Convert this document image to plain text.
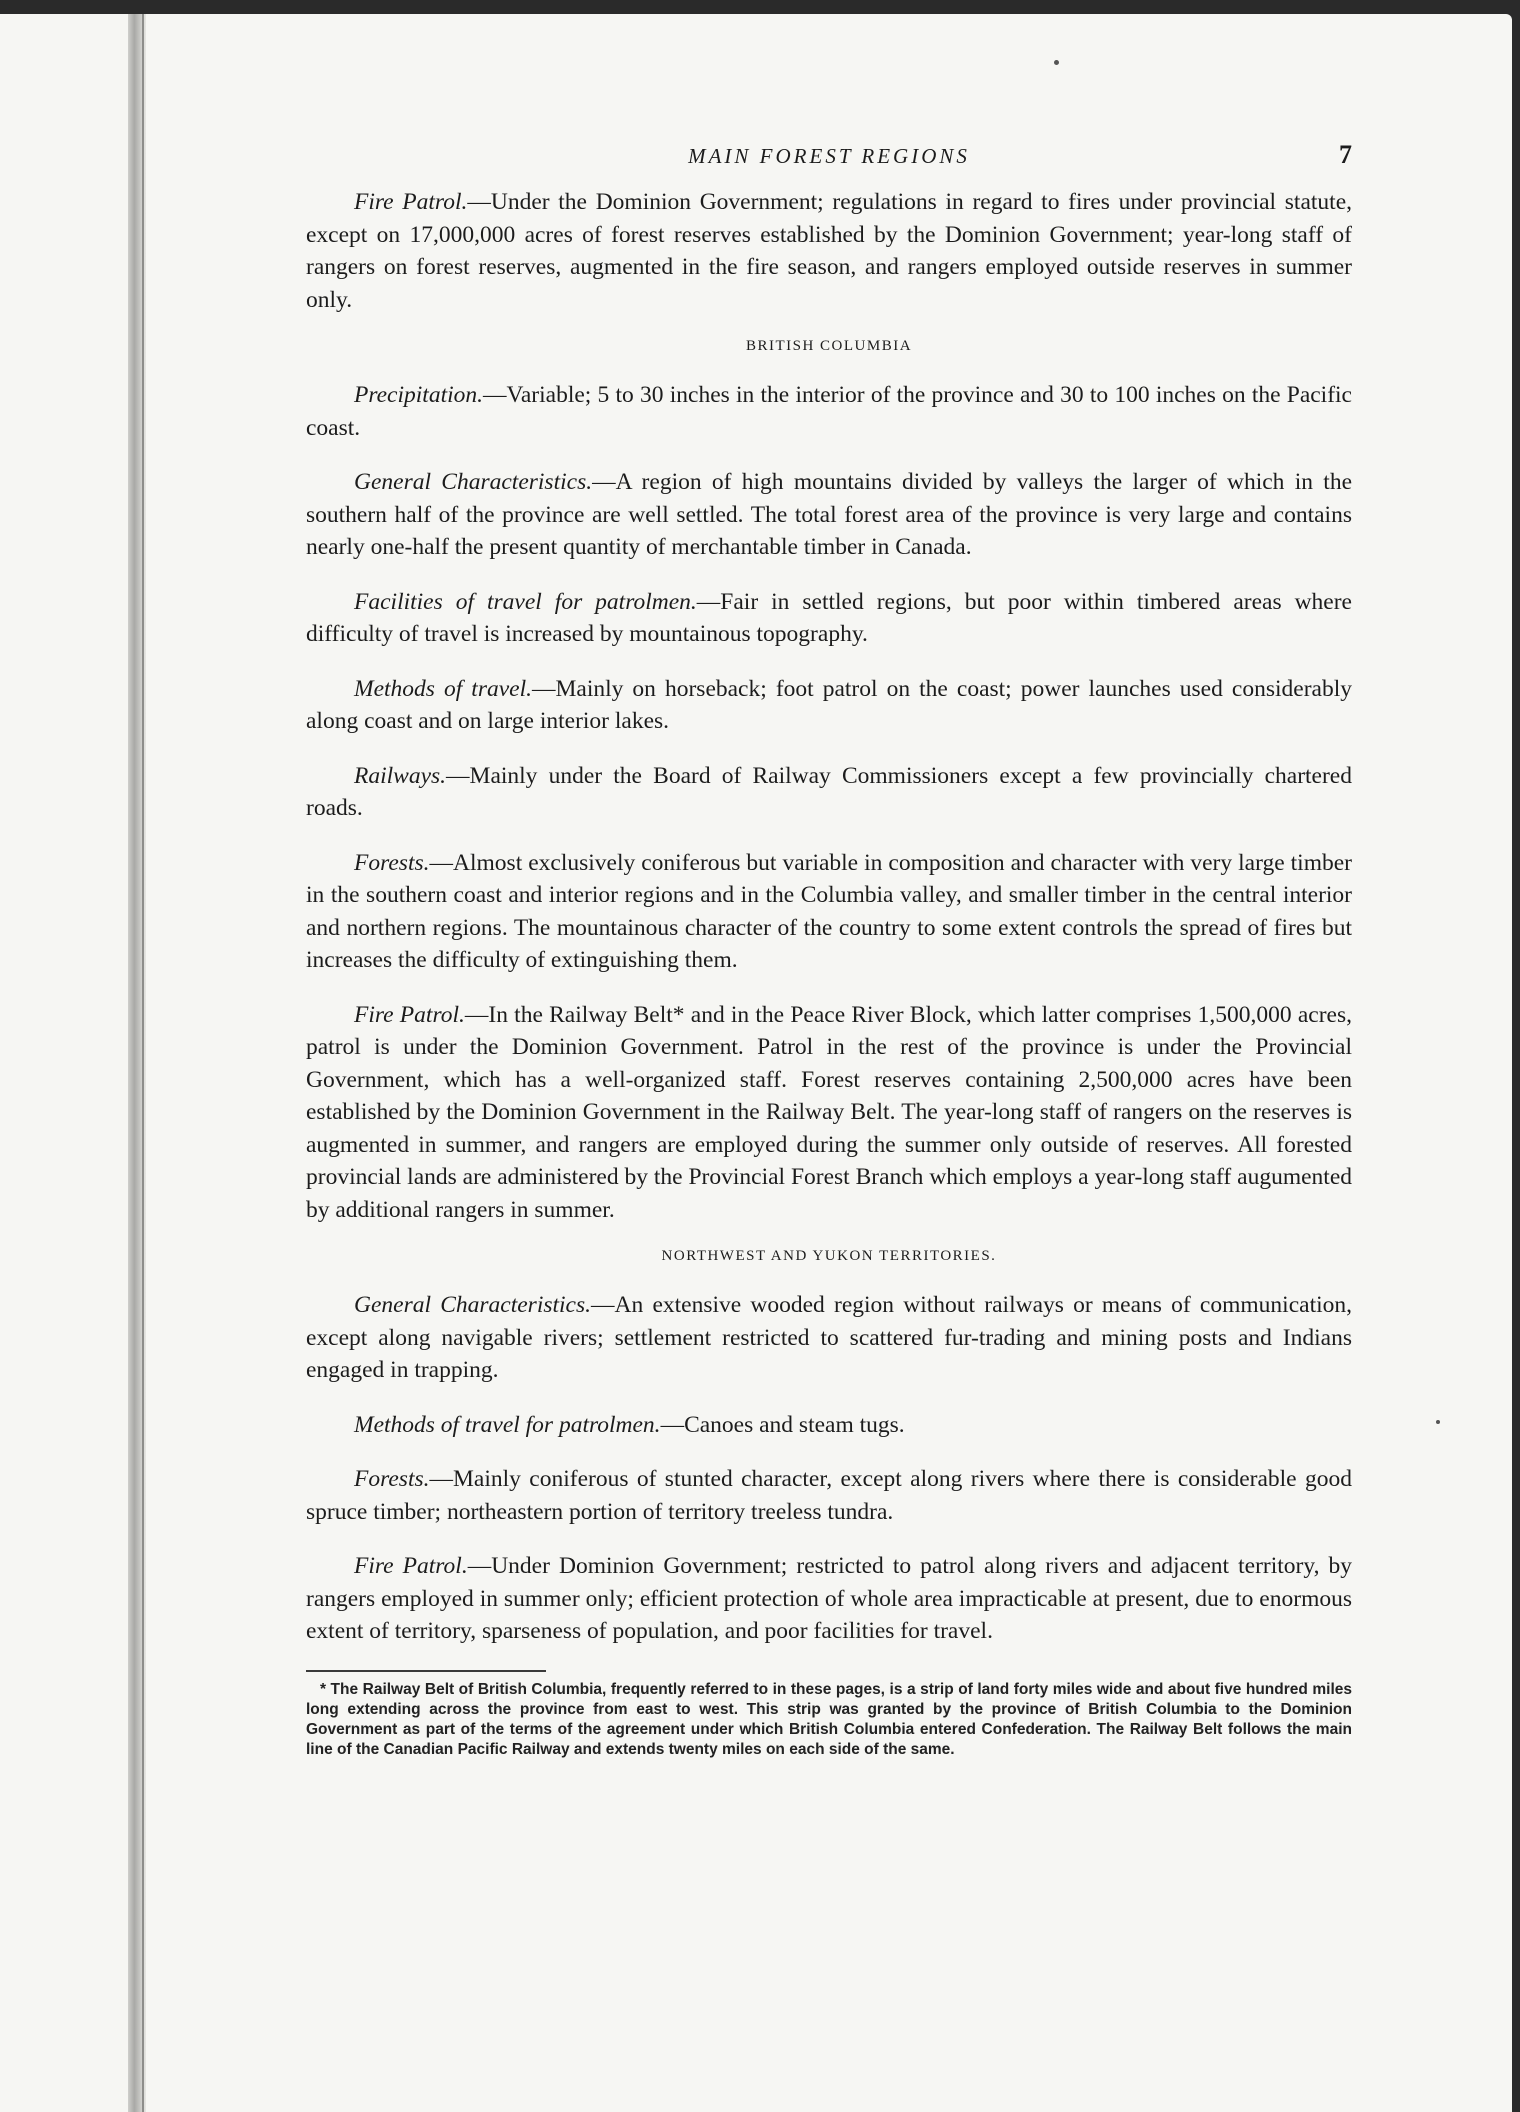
MAIN FOREST REGIONS	7

Fire Patrol.—Under the Dominion Government; regulations in regard to fires under provincial statute, except on 17,000,000 acres of forest reserves established by the Dominion Government; year-long staff of rangers on forest reserves, augmented in the fire season, and rangers employed outside reserves in summer only.

BRITISH COLUMBIA

Precipitation.—Variable; 5 to 30 inches in the interior of the province and 30 to 100 inches on the Pacific coast.

General Characteristics.—A region of high mountains divided by valleys the larger of which in the southern half of the province are well settled. The total forest area of the province is very large and contains nearly one-half the present quantity of merchantable timber in Canada.

Facilities of travel for patrolmen.—Fair in settled regions, but poor within timbered areas where difficulty of travel is increased by mountainous topography.

Methods of travel.—Mainly on horseback; foot patrol on the coast; power launches used considerably along coast and on large interior lakes.

Railways.—Mainly under the Board of Railway Commissioners except a few provincially chartered roads.

Forests.—Almost exclusively coniferous but variable in composition and character with very large timber in the southern coast and interior regions and in the Columbia valley, and smaller timber in the central interior and northern regions. The mountainous character of the country to some extent controls the spread of fires but increases the difficulty of extinguishing them.

Fire Patrol.—In the Railway Belt* and in the Peace River Block, which latter comprises 1,500,000 acres, patrol is under the Dominion Government. Patrol in the rest of the province is under the Provincial Government, which has a well-organized staff. Forest reserves containing 2,500,000 acres have been established by the Dominion Government in the Railway Belt. The year-long staff of rangers on the reserves is augmented in summer, and rangers are employed during the summer only outside of reserves. All forested provincial lands are administered by the Provincial Forest Branch which employs a year-long staff augumented by additional rangers in summer.

NORTHWEST AND YUKON TERRITORIES.

General Characteristics.—An extensive wooded region without railways or means of communication, except along navigable rivers; settlement restricted to scattered fur-trading and mining posts and Indians engaged in trapping.

Methods of travel for patrolmen.—Canoes and steam tugs.

Forests.—Mainly coniferous of stunted character, except along rivers where there is considerable good spruce timber; northeastern portion of territory treeless tundra.

Fire Patrol.—Under Dominion Government; restricted to patrol along rivers and adjacent territory, by rangers employed in summer only; efficient protection of whole area impracticable at present, due to enormous extent of territory, sparseness of population, and poor facilities for travel.

* The Railway Belt of British Columbia, frequently referred to in these pages, is a strip of land forty miles wide and about five hundred miles long extending across the province from east to west. This strip was granted by the province of British Columbia to the Dominion Government as part of the terms of the agreement under which British Columbia entered Confederation. The Railway Belt follows the main line of the Canadian Pacific Railway and extends twenty miles on each side of the same.
